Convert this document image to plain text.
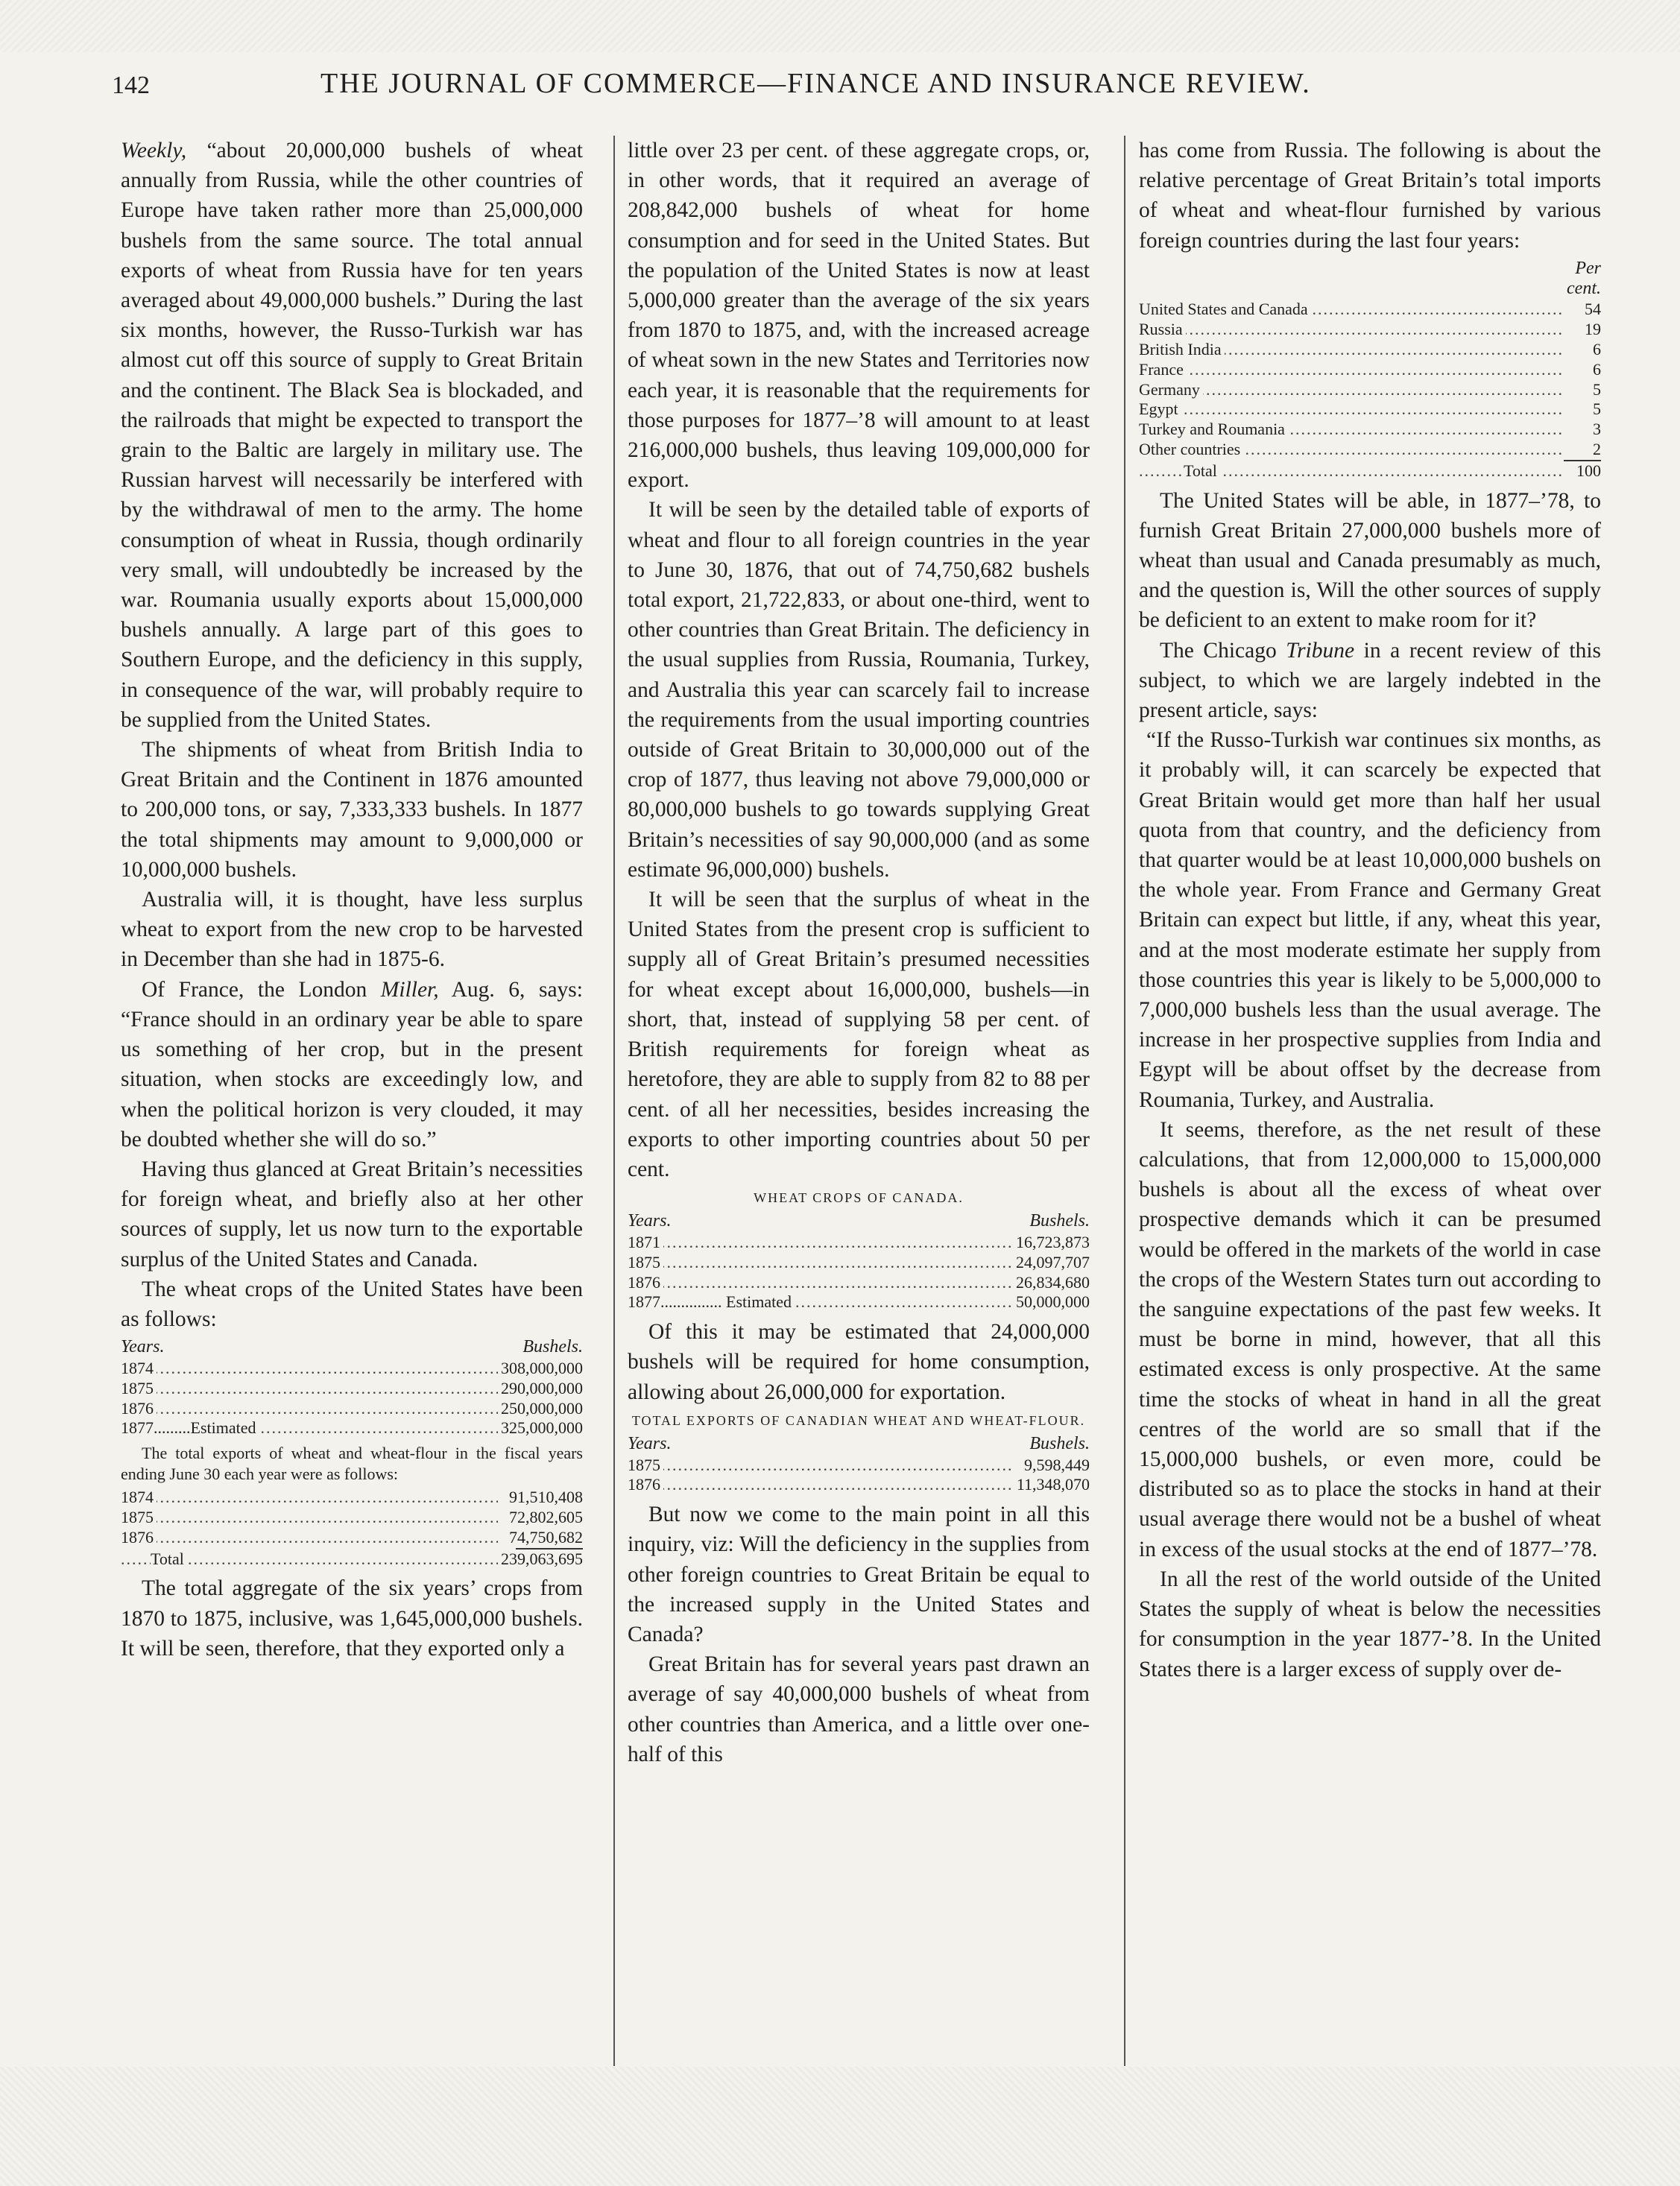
142	THE JOURNAL OF COMMERCE—FINANCE AND INSURANCE REVIEW.

Weekly, “about 20,000,000 bushels of wheat annually from Russia, while the other countries of Europe have taken rather more than 25,000,000 bushels from the same source. The total annual exports of wheat from Russia have for ten years averaged about 49,000,000 bushels.” During the last six months, however, the Russo-Turkish war has almost cut off this source of supply to Great Britain and the continent. The Black Sea is blockaded, and the railroads that might be expected to transport the grain to the Baltic are largely in military use. The Russian harvest will necessarily be interfered with by the withdrawal of men to the army. The home consumption of wheat in Russia, though ordinarily very small, will undoubtedly be increased by the war. Roumania usually exports about 15,000,000 bushels annually. A large part of this goes to Southern Europe, and the deficiency in this supply, in consequence of the war, will probably require to be supplied from the United States.

The shipments of wheat from British India to Great Britain and the Continent in 1876 amounted to 200,000 tons, or say, 7,333,333 bushels. In 1877 the total shipments may amount to 9,000,000 or 10,000,000 bushels.

Australia will, it is thought, have less surplus wheat to export from the new crop to be harvested in December than she had in 1875-6.

Of France, the London Miller, Aug. 6, says: “France should in an ordinary year be able to spare us something of her crop, but in the present situation, when stocks are exceedingly low, and when the political horizon is very clouded, it may be doubted whether she will do so.”

Having thus glanced at Great Britain’s necessities for foreign wheat, and briefly also at her other sources of supply, let us now turn to the exportable surplus of the United States and Canada.

The wheat crops of the United States have been as follows:

Years.	Bushels.
1874 .....	308,000,000
1875 .....	290,000,000
1876 .....	250,000,000
1877.........Estimated .....	325,000,000

The total exports of wheat and wheat-flour in the fiscal years ending June 30 each year were as follows:

1874 .....	91,510,408
1875 .....	72,802,605
1876 .....	74,750,682

Total .....	239,063,695

The total aggregate of the six years’ crops from 1870 to 1875, inclusive, was 1,645,000,000 bushels. It will be seen, therefore, that they exported only a

little over 23 per cent. of these aggregate crops, or, in other words, that it required an average of 208,842,000 bushels of wheat for home consumption and for seed in the United States. But the population of the United States is now at least 5,000,000 greater than the average of the six years from 1870 to 1875, and, with the increased acreage of wheat sown in the new States and Territories now each year, it is reasonable that the requirements for those purposes for 1877–’8 will amount to at least 216,000,000 bushels, thus leaving 109,000,000 for export.

It will be seen by the detailed table of exports of wheat and flour to all foreign countries in the year to June 30, 1876, that out of 74,750,682 bushels total export, 21,722,833, or about one-third, went to other countries than Great Britain. The deficiency in the usual supplies from Russia, Roumania, Turkey, and Australia this year can scarcely fail to increase the requirements from the usual importing countries outside of Great Britain to 30,000,000 out of the crop of 1877, thus leaving not above 79,000,000 or 80,000,000 bushels to go towards supplying Great Britain’s necessities of say 90,000,000 (and as some estimate 96,000,000) bushels.

It will be seen that the surplus of wheat in the United States from the present crop is sufficient to supply all of Great Britain’s presumed necessities for wheat except about 16,000,000, bushels—in short, that, instead of supplying 58 per cent. of British requirements for foreign wheat as heretofore, they are able to supply from 82 to 88 per cent. of all her necessities, besides increasing the exports to other importing countries about 50 per cent.

WHEAT CROPS OF CANADA.
Years.	Bushels.
1871 .....	16,723,873
1875 .....	24,097,707
1876 .....	26,834,680
1877............... Estimated .....	50,000,000

Of this it may be estimated that 24,000,000 bushels will be required for home consumption, allowing about 26,000,000 for exportation.

TOTAL EXPORTS OF CANADIAN WHEAT AND WHEAT-FLOUR.
Years.	Bushels.
1875 .....	9,598,449
1876 .....	11,348,070

But now we come to the main point in all this inquiry, viz: Will the deficiency in the supplies from other foreign countries to Great Britain be equal to the increased supply in the United States and Canada?

Great Britain has for several years past drawn an average of say 40,000,000 bushels of wheat from other countries than America, and a little over one-half of this

has come from Russia. The following is about the relative percentage of Great Britain’s total imports of wheat and wheat-flour furnished by various foreign countries during the last four years:

	Per cent.
United States and Canada .....	54
Russia .....	19
British India .....	6
France .....	6
Germany .....	5
Egypt .....	5
Turkey and Roumania .....	3
Other countries .....	2

Total .....	100

The United States will be able, in 1877–’78, to furnish Great Britain 27,000,000 bushels more of wheat than usual and Canada presumably as much, and the question is, Will the other sources of supply be deficient to an extent to make room for it?

The Chicago Tribune in a recent review of this subject, to which we are largely indebted in the present article, says:

“If the Russo-Turkish war continues six months, as it probably will, it can scarcely be expected that Great Britain would get more than half her usual quota from that country, and the deficiency from that quarter would be at least 10,000,000 bushels on the whole year. From France and Germany Great Britain can expect but little, if any, wheat this year, and at the most moderate estimate her supply from those countries this year is likely to be 5,000,000 to 7,000,000 bushels less than the usual average. The increase in her prospective supplies from India and Egypt will be about offset by the decrease from Roumania, Turkey, and Australia.

It seems, therefore, as the net result of these calculations, that from 12,000,000 to 15,000,000 bushels is about all the excess of wheat over prospective demands which it can be presumed would be offered in the markets of the world in case the crops of the Western States turn out according to the sanguine expectations of the past few weeks. It must be borne in mind, however, that all this estimated excess is only prospective. At the same time the stocks of wheat in hand in all the great centres of the world are so small that if the 15,000,000 bushels, or even more, could be distributed so as to place the stocks in hand at their usual average there would not be a bushel of wheat in excess of the usual stocks at the end of 1877–’78.

In all the rest of the world outside of the United States the supply of wheat is below the necessities for consumption in the year 1877-’8. In the United States there is a larger excess of supply over de-
